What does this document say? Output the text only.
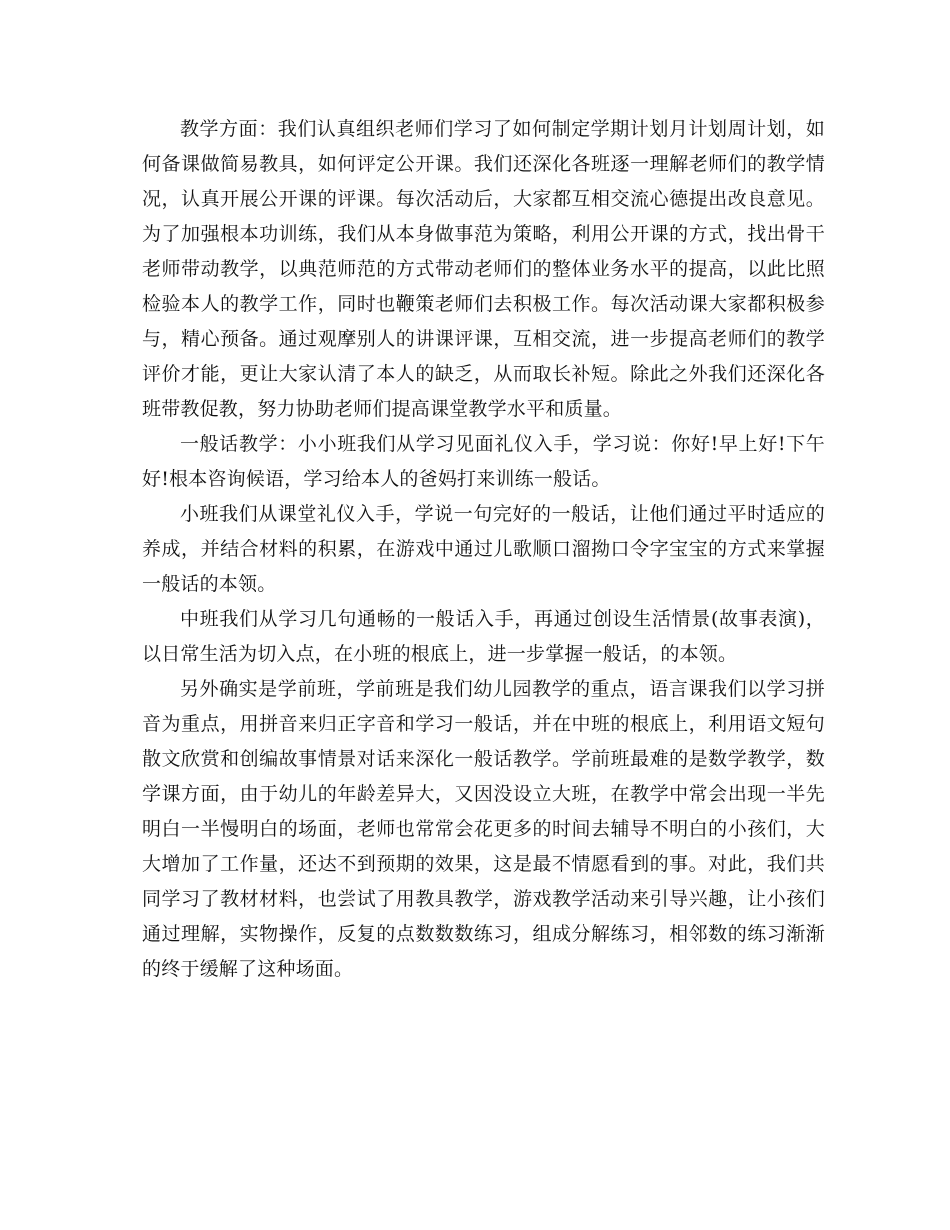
教学方面：我们认真组织老师们学习了如何制定学期计划月计划周计划，如何备课做简易教具，如何评定公开课。我们还深化各班逐一理解老师们的教学情况，认真开展公开课的评课。每次活动后，大家都互相交流心德提出改良意见。为了加强根本功训练，我们从本身做事范为策略，利用公开课的方式，找出骨干老师带动教学，以典范师范的方式带动老师们的整体业务水平的提高，以此比照检验本人的教学工作，同时也鞭策老师们去积极工作。每次活动课大家都积极参与，精心预备。通过观摩别人的讲课评课，互相交流，进一步提高老师们的教学评价才能，更让大家认清了本人的缺乏，从而取长补短。除此之外我们还深化各班带教促教，努力协助老师们提高课堂教学水平和质量。

一般话教学：小小班我们从学习见面礼仪入手，学习说：你好!早上好!下午好!根本咨询候语，学习给本人的爸妈打来训练一般话。

小班我们从课堂礼仪入手，学说一句完好的一般话，让他们通过平时适应的养成，并结合材料的积累，在游戏中通过儿歌顺口溜拗口令字宝宝的方式来掌握一般话的本领。

中班我们从学习几句通畅的一般话入手，再通过创设生活情景(故事表演)，以日常生活为切入点，在小班的根底上，进一步掌握一般话，的本领。

另外确实是学前班，学前班是我们幼儿园教学的重点，语言课我们以学习拼音为重点，用拼音来归正字音和学习一般话，并在中班的根底上，利用语文短句散文欣赏和创编故事情景对话来深化一般话教学。学前班最难的是数学教学，数学课方面，由于幼儿的年龄差异大，又因没设立大班，在教学中常会出现一半先明白一半慢明白的场面，老师也常常会花更多的时间去辅导不明白的小孩们，大大增加了工作量，还达不到预期的效果，这是最不情愿看到的事。对此，我们共同学习了教材材料，也尝试了用教具教学，游戏教学活动来引导兴趣，让小孩们通过理解，实物操作，反复的点数数数练习，组成分解练习，相邻数的练习渐渐的终于缓解了这种场面。
